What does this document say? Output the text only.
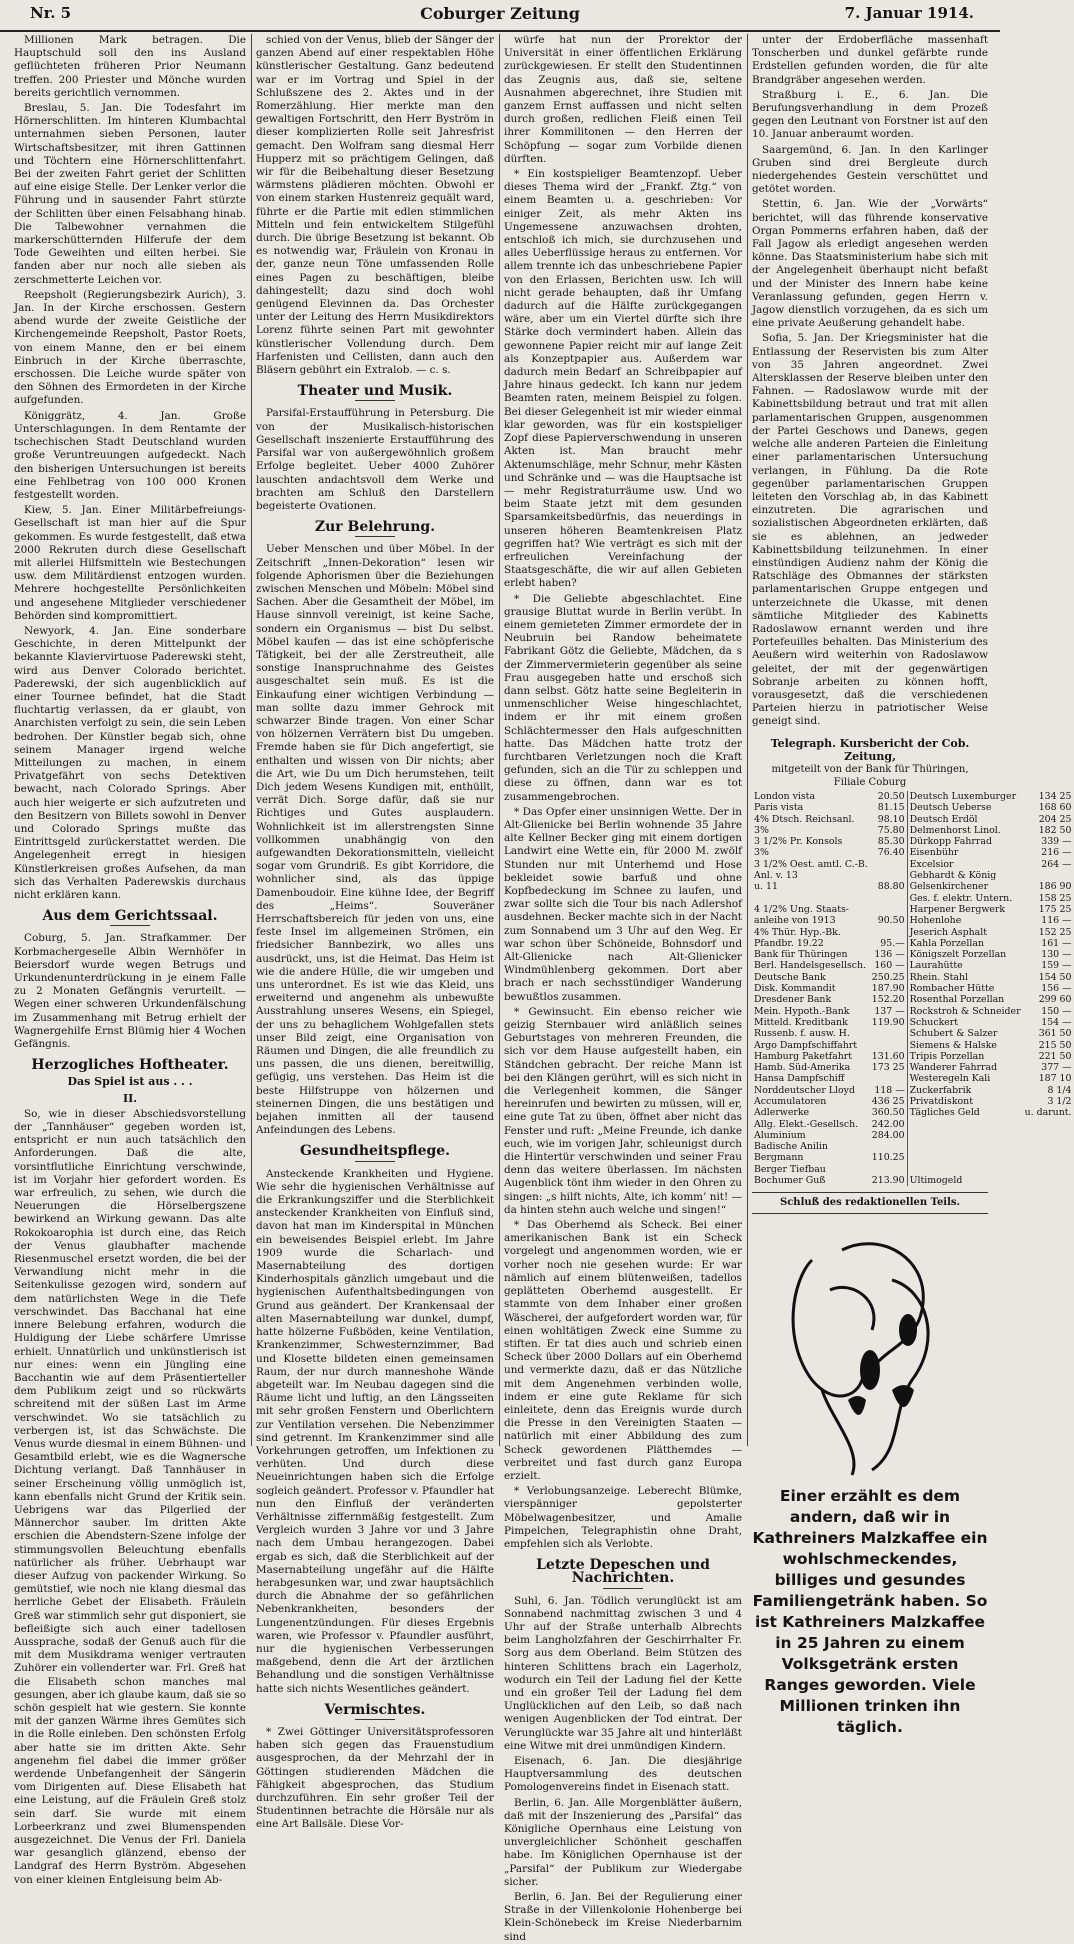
Nr. 5	Coburger Zeitung	7. Januar 1914.

Millionen Mark betragen. Die Hauptschuld soll den ins Ausland geflüchteten früheren Prior Neumann treffen. 200 Priester und Mönche wurden bereits gerichtlich vernommen.

Breslau, 5. Jan. Die Todesfahrt im Hörnerschlitten. Im hinteren Klumbachtal unternahmen sieben Personen, lauter Wirtschaftsbesitzer, mit ihren Gattinnen und Töchtern eine Hörnerschlittenfahrt. Bei der zweiten Fahrt geriet der Schlitten auf eine eisige Stelle. Der Lenker verlor die Führung und in sausender Fahrt stürzte der Schlitten über einen Felsabhang hinab. Die Talbewohner vernahmen die markerschütternden Hilferufe der dem Tode Geweihten und eilten herbei. Sie fanden aber nur noch alle sieben als zerschmetterte Leichen vor.

Reepsholt (Regierungsbezirk Aurich), 3. Jan. In der Kirche erschossen. Gestern abend wurde der zweite Geistliche der Kirchengemeinde Reepsholt, Pastor Roets, von einem Manne, den er bei einem Einbruch in der Kirche überraschte, erschossen. Die Leiche wurde später von den Söhnen des Ermordeten in der Kirche aufgefunden.

Königgrätz, 4. Jan. Große Unterschlagungen. In dem Rentamte der tschechischen Stadt Deutschland wurden große Veruntreuungen aufgedeckt. Nach den bisherigen Untersuchungen ist bereits eine Fehlbetrag von 100 000 Kronen festgestellt worden.

Kiew, 5. Jan. Einer Militärbefreiungs-Gesellschaft ist man hier auf die Spur gekommen. Es wurde festgestellt, daß etwa 2000 Rekruten durch diese Gesellschaft mit allerlei Hilfsmitteln wie Bestechungen usw. dem Militärdienst entzogen wurden. Mehrere hochgestellte Persönlichkeiten und angesehene Mitglieder verschiedener Behörden sind kompromittiert.

Newyork, 4. Jan. Eine sonderbare Geschichte, in deren Mittelpunkt der bekannte Klaviervirtuose Paderewski steht, wird aus Denver Colorado berichtet. Paderewski, der sich augenblicklich auf einer Tournee befindet, hat die Stadt fluchtartig verlassen, da er glaubt, von Anarchisten verfolgt zu sein, die sein Leben bedrohen. Der Künstler begab sich, ohne seinem Manager irgend welche Mitteilungen zu machen, in einem Privatgefährt von sechs Detektiven bewacht, nach Colorado Springs. Aber auch hier weigerte er sich aufzutreten und den Besitzern von Billets sowohl in Denver und Colorado Springs mußte das Eintrittsgeld zurückerstattet werden. Die Angelegenheit erregt in hiesigen Künstlerkreisen großes Aufsehen, da man sich das Verhalten Paderewskis durchaus nicht erklären kann.

Aus dem Gerichtssaal.

Coburg, 5. Jan. Strafkammer. Der Korbmachergeselle Albin Wernhöfer in Beiersdorf wurde wegen Betrugs und Urkundenunterdrückung in je einem Falle zu 2 Monaten Gefängnis verurteilt. — Wegen einer schweren Urkundenfälschung im Zusammenhang mit Betrug erhielt der Wagnergehilfe Ernst Blümig hier 4 Wochen Gefängnis.

Herzogliches Hoftheater.
Das Spiel ist aus . . .
II.

So, wie in dieser Abschiedsvorstellung der „Tannhäuser“ gegeben worden ist, entspricht er nun auch tatsächlich den Anforderungen. Daß die alte, vorsintflutliche Einrichtung verschwinde, ist im Vorjahr hier gefordert worden. Es war erfreulich, zu sehen, wie durch die Neuerungen die Hörselbergszene bewirkend an Wirkung gewann. Das alte Rokokoarophia ist durch eine, das Reich der Venus glaubhafter machende Riesenmuschel ersetzt worden, die bei der Verwandlung nicht mehr in die Seitenkulisse gezogen wird, sondern auf dem natürlichsten Wege in die Tiefe verschwindet. Das Bacchanal hat eine innere Belebung erfahren, wodurch die Huldigung der Liebe schärfere Umrisse erhielt. Unnatürlich und unkünstlerisch ist nur eines: wenn ein Jüngling eine Bacchantin wie auf dem Präsentierteller dem Publikum zeigt und so rückwärts schreitend mit der süßen Last im Arme verschwindet. Wo sie tatsächlich zu verbergen ist, ist das Schwächste. Die Venus wurde diesmal in einem Bühnen- und Gesamtbild erlebt, wie es die Wagnersche Dichtung verlangt. Daß Tannhäuser in seiner Erscheinung völlig unmöglich ist, kann ebenfalls nicht Grund der Kritik sein. Uebrigens war das Pilgerlied der Männerchor sauber. Im dritten Akte erschien die Abendstern-Szene infolge der stimmungsvollen Beleuchtung ebenfalls natürlicher als früher. Uebrhaupt war dieser Aufzug von packender Wirkung. So gemütstief, wie noch nie klang diesmal das herrliche Gebet der Elisabeth. Fräulein Greß war stimmlich sehr gut disponiert, sie befleißigte sich auch einer tadellosen Aussprache, sodaß der Genuß auch für die mit dem Musikdrama weniger vertrauten Zuhörer ein vollenderter war. Frl. Greß hat die Elisabeth schon manches mal gesungen, aber ich glaube kaum, daß sie so schön gespielt hat wie gestern. Sie konnte mit der ganzen Wärme ihres Gemütes sich in die Rolle einleben. Den schönsten Erfolg aber hatte sie im dritten Akte. Sehr angenehm fiel dabei die immer größer werdende Unbefangenheit der Sängerin vom Dirigenten auf. Diese Elisabeth hat eine Leistung, auf die Fräulein Greß stolz sein darf. Sie wurde mit einem Lorbeerkranz und zwei Blumenspenden ausgezeichnet. Die Venus der Frl. Daniela war gesanglich glänzend, ebenso der Landgraf des Herrn Byström. Abgesehen von einer kleinen Entgleisung beim Ab-

schied von der Venus, blieb der Sänger der ganzen Abend auf einer respektablen Höhe künstlerischer Gestaltung. Ganz bedeutend war er im Vortrag und Spiel in der Schlußszene des 2. Aktes und in der Romerzählung. Hier merkte man den gewaltigen Fortschritt, den Herr Byström in dieser komplizierten Rolle seit Jahresfrist gemacht. Den Wolfram sang diesmal Herr Hupperz mit so prächtigem Gelingen, daß wir für die Beibehaltung dieser Besetzung wärmstens plädieren möchten. Obwohl er von einem starken Hustenreiz gequält ward, führte er die Partie mit edlen stimmlichen Mitteln und fein entwickeltem Stilgefühl durch. Die übrige Besetzung ist bekannt. Ob es notwendig war, Fräulein von Kronau in der, ganze neun Töne umfassenden Rolle eines Pagen zu beschäftigen, bleibe dahingestellt; dazu sind doch wohl genügend Elevinnen da. Das Orchester unter der Leitung des Herrn Musikdirektors Lorenz führte seinen Part mit gewohnter künstlerischer Vollendung durch. Dem Harfenisten und Cellisten, dann auch den Bläsern gebührt ein Extralob. — c. s.

Theater und Musik.

Parsifal-Erstaufführung in Petersburg. Die von der Musikalisch-historischen Gesellschaft inszenierte Erstaufführung des Parsifal war von außergewöhnlich großem Erfolge begleitet. Ueber 4000 Zuhörer lauschten andachtsvoll dem Werke und brachten am Schluß den Darstellern begeisterte Ovationen.

Zur Belehrung.

Ueber Menschen und über Möbel. In der Zeitschrift „Innen-Dekoration“ lesen wir folgende Aphorismen über die Beziehungen zwischen Menschen und Möbeln: Möbel sind Sachen. Aber die Gesamtheit der Möbel, im Hause sinnvoll vereinigt, ist keine Sache, sondern ein Organismus — bist Du selbst. Möbel kaufen — das ist eine schöpferische Tätigkeit, bei der alle Zerstreutheit, alle sonstige Inanspruchnahme des Geistes ausgeschaltet sein muß. Es ist die Einkaufung einer wichtigen Verbindung — man sollte dazu immer Gehrock mit schwarzer Binde tragen. Von einer Schar von hölzernen Verrätern bist Du umgeben. Fremde haben sie für Dich angefertigt, sie enthalten und wissen von Dir nichts; aber die Art, wie Du um Dich herumstehen, teilt Dich jedem Wesens Kundigen mit, enthüllt, verrät Dich. Sorge dafür, daß sie nur Richtiges und Gutes ausplaudern. Wohnlichkeit ist im allerstrengsten Sinne vollkommen unabhängig von den aufgewandten Dekorationsmitteln, vielleicht sogar vom Grundriß. Es gibt Korridore, die wohnlicher sind, als das üppige Damenboudoir. Eine kühne Idee, der Begriff des „Heims“. Souveräner Herrschaftsbereich für jeden von uns, eine feste Insel im allgemeinen Strömen, ein friedsicher Bannbezirk, wo alles uns ausdrückt, uns, ist die Heimat. Das Heim ist wie die andere Hülle, die wir umgeben und uns unterordnet. Es ist wie das Kleid, uns erweiternd und angenehm als unbewußte Ausstrahlung unseres Wesens, ein Spiegel, der uns zu behaglichem Wohlgefallen stets unser Bild zeigt, eine Organisation von Räumen und Dingen, die alle freundlich zu uns passen, die uns dienen, bereitwillig, gefügig, uns verstehen. Das Heim ist die beste Hilfstruppe von hölzernen und steinernen Dingen, die uns bestätigen und bejahen inmitten all der tausend Anfeindungen des Lebens.

Gesundheitspflege.

Ansteckende Krankheiten und Hygiene. Wie sehr die hygienischen Verhältnisse auf die Erkrankungsziffer und die Sterblichkeit ansteckender Krankheiten von Einfluß sind, davon hat man im Kinderspital in München ein beweisendes Beispiel erlebt. Im Jahre 1909 wurde die Scharlach- und Masernabteilung des dortigen Kinderhospitals gänzlich umgebaut und die hygienischen Aufenthaltsbedingungen von Grund aus geändert. Der Krankensaal der alten Masernabteilung war dunkel, dumpf, hatte hölzerne Fußböden, keine Ventilation, Krankenzimmer, Schwesternzimmer, Bad und Klosette bildeten einen gemeinsamen Raum, der nur durch manneshohe Wände abgeteilt war. Im Neubau dagegen sind die Räume licht und luftig, an den Längsseiten mit sehr großen Fenstern und Oberlichtern zur Ventilation versehen. Die Nebenzimmer sind getrennt. Im Krankenzimmer sind alle Vorkehrungen getroffen, um Infektionen zu verhüten. Und durch diese Neueinrichtungen haben sich die Erfolge sogleich geändert. Professor v. Pfaundler hat nun den Einfluß der veränderten Verhältnisse ziffernmäßig festgestellt. Zum Vergleich wurden 3 Jahre vor und 3 Jahre nach dem Umbau herangezogen. Dabei ergab es sich, daß die Sterblichkeit auf der Masernabteilung ungefähr auf die Hälfte herabgesunken war, und zwar hauptsächlich durch die Abnahme der so gefährlichen Nebenkrankheiten, besonders der Lungenentzündungen. Für dieses Ergebnis waren, wie Professor v. Pfaundler ausführt, nur die hygienischen Verbesserungen maßgebend, denn die Art der ärztlichen Behandlung und die sonstigen Verhältnisse hatte sich nichts Wesentliches geändert.

Vermischtes.

* Zwei Göttinger Universitätsprofessoren haben sich gegen das Frauenstudium ausgesprochen, da der Mehrzahl der in Göttingen studierenden Mädchen die Fähigkeit abgesprochen, das Studium durchzuführen. Ein sehr großer Teil der Studentinnen betrachte die Hörsäle nur als eine Art Ballsäle. Diese Vor-

würfe hat nun der Prorektor der Universität in einer öffentlichen Erklärung zurückgewiesen. Er stellt den Studentinnen das Zeugnis aus, daß sie, seltene Ausnahmen abgerechnet, ihre Studien mit ganzem Ernst auffassen und nicht selten durch großen, redlichen Fleiß einen Teil ihrer Kommilitonen — den Herren der Schöpfung — sogar zum Vorbilde dienen dürften.

* Ein kostspieliger Beamtenzopf. Ueber dieses Thema wird der „Frankf. Ztg.“ von einem Beamten u. a. geschrieben: Vor einiger Zeit, als mehr Akten ins Ungemessene anzuwachsen drohten, entschloß ich mich, sie durchzusehen und alles Ueberflüssige heraus zu entfernen. Vor allem trennte ich das unbeschriebene Papier von den Erlassen, Berichten usw. Ich will nicht gerade behaupten, daß ihr Umfang dadurch auf die Hälfte zurückgegangen wäre, aber um ein Viertel dürfte sich ihre Stärke doch vermindert haben. Allein das gewonnene Papier reicht mir auf lange Zeit als Konzeptpapier aus. Außerdem war dadurch mein Bedarf an Schreibpapier auf Jahre hinaus gedeckt. Ich kann nur jedem Beamten raten, meinem Beispiel zu folgen. Bei dieser Gelegenheit ist mir wieder einmal klar geworden, was für ein kostspieliger Zopf diese Papierverschwendung in unseren Akten ist. Man braucht mehr Aktenumschläge, mehr Schnur, mehr Kästen und Schränke und — was die Hauptsache ist — mehr Registraturräume usw. Und wo beim Staate jetzt mit dem gesunden Sparsamkeitsbedürfnis, das neuerdings in unseren höheren Beamtenkreisen Platz gegriffen hat? Wie verträgt es sich mit der erfreulichen Vereinfachung der Staatsgeschäfte, die wir auf allen Gebieten erlebt haben?

* Die Geliebte abgeschlachtet. Eine grausige Bluttat wurde in Berlin verübt. In einem gemieteten Zimmer ermordete der in Neubruin bei Randow beheimatete Fabrikant Götz die Geliebte, Mädchen, da s der Zimmervermieterin gegenüber als seine Frau ausgegeben hatte und erschoß sich dann selbst. Götz hatte seine Begleiterin in unmenschlicher Weise hingeschlachtet, indem er ihr mit einem großen Schlächtermesser den Hals aufgeschnitten hatte. Das Mädchen hatte trotz der furchtbaren Verletzungen noch die Kraft gefunden, sich an die Tür zu schleppen und diese zu öffnen, dann war es tot zusammengebrochen.

* Das Opfer einer unsinnigen Wette. Der in Alt-Glienicke bei Berlin wohnende 35 Jahre alte Kellner Becker ging mit einem dortigen Landwirt eine Wette ein, für 2000 M. zwölf Stunden nur mit Unterhemd und Hose bekleidet sowie barfuß und ohne Kopfbedeckung im Schnee zu laufen, und zwar sollte sich die Tour bis nach Adlershof ausdehnen. Becker machte sich in der Nacht zum Sonnabend um 3 Uhr auf den Weg. Er war schon über Schöneide, Bohnsdorf und Alt-Glienicke nach Alt-Glienicker Windmühlenberg gekommen. Dort aber brach er nach sechsstündiger Wanderung bewußtlos zusammen.

* Gewinsucht. Ein ebenso reicher wie geizig Sternbauer wird anläßlich seines Geburtstages von mehreren Freunden, die sich vor dem Hause aufgestellt haben, ein Ständchen gebracht. Der reiche Mann ist bei den Klängen gerührt, will es sich nicht in die Verlegenheit kommen, die Sänger hereinrufen und bewirten zu müssen, will er, eine gute Tat zu üben, öffnet aber nicht das Fenster und ruft: „Meine Freunde, ich danke euch, wie im vorigen Jahr, schleunigst durch die Hintertür verschwinden und seiner Frau denn das weitere überlassen. Im nächsten Augenblick tönt ihm wieder in den Ohren zu singen: „s hilft nichts, Alte, ich komm’ nit! — da hinten stehn auch welche und singen!“

* Das Oberhemd als Scheck. Bei einer amerikanischen Bank ist ein Scheck vorgelegt und angenommen worden, wie er vorher noch nie gesehen wurde: Er war nämlich auf einem blütenweißen, tadellos geplätteten Oberhemd ausgestellt. Er stammte von dem Inhaber einer großen Wäscherei, der aufgefordert worden war, für einen wohltätigen Zweck eine Summe zu stiften. Er tat dies auch und schrieb einen Scheck über 2000 Dollars auf ein Oberhemd und vermerkte dazu, daß er das Nützliche mit dem Angenehmen verbinden wolle, indem er eine gute Reklame für sich einleitete, denn das Ereignis wurde durch die Presse in den Vereinigten Staaten — natürlich mit einer Abbildung des zum Scheck gewordenen Plätthemdes — verbreitet und fast durch ganz Europa erzielt.

* Verlobungsanzeige. Leberecht Blümke, vierspänniger gepolsterter Möbelwagenbesitzer, und Amalie Pimpelchen, Telegraphistin ohne Draht, empfehlen sich als Verlobte.

Letzte Depeschen und Nachrichten.

Suhl, 6. Jan. Tödlich verunglückt ist am Sonnabend nachmittag zwischen 3 und 4 Uhr auf der Straße unterhalb Albrechts beim Langholzfahren der Geschirrhalter Fr. Sorg aus dem Oberland. Beim Stützen des hinteren Schlittens brach ein Lagerholz, wodurch ein Teil der Ladung fiel der Kette und ein großer Teil der Ladung fiel dem Unglücklichen auf den Leib, so daß nach wenigen Augenblicken der Tod eintrat. Der Verunglückte war 35 Jahre alt und hinterläßt eine Witwe mit drei unmündigen Kindern.

Eisenach, 6. Jan. Die diesjährige Hauptversammlung des deutschen Pomologenvereins findet in Eisenach statt.

Berlin, 6. Jan. Alle Morgenblätter äußern, daß mit der Inszenierung des „Parsifal“ das Königliche Opernhaus eine Leistung von unvergleichlicher Schönheit geschaffen habe. Im Königlichen Opernhause ist der „Parsifal“ der Publikum zur Wiedergabe sicher.

Berlin, 6. Jan. Bei der Regulierung einer Straße in der Villenkolonie Hohenberge bei Klein-Schönebeck im Kreise Niederbarnim sind

unter der Erdoberfläche massenhaft Tonscherben und dunkel gefärbte runde Erdstellen gefunden worden, die für alte Brandgräber angesehen werden.

Straßburg i. E., 6. Jan. Die Berufungsverhandlung in dem Prozeß gegen den Leutnant von Forstner ist auf den 10. Januar anberaumt worden.

Saargemünd, 6. Jan. In den Karlinger Gruben sind drei Bergleute durch niedergehendes Gestein verschüttet und getötet worden.

Stettin, 6. Jan. Wie der „Vorwärts“ berichtet, will das führende konservative Organ Pommerns erfahren haben, daß der Fall Jagow als erledigt angesehen werden könne. Das Staatsministerium habe sich mit der Angelegenheit überhaupt nicht befaßt und der Minister des Innern habe keine Veranlassung gefunden, gegen Herrn v. Jagow dienstlich vorzugehen, da es sich um eine private Aeußerung gehandelt habe.

Sofia, 5. Jan. Der Kriegsminister hat die Entlassung der Reservisten bis zum Alter von 35 Jahren angeordnet. Zwei Altersklassen der Reserve bleiben unter den Fahnen. — Radoslawow wurde mit der Kabinettsbildung betraut und trat mit allen parlamentarischen Gruppen, ausgenommen der Partei Geschows und Danews, gegen welche alle anderen Parteien die Einleitung einer parlamentarischen Untersuchung verlangen, in Fühlung. Da die Rote gegenüber parlamentarischen Gruppen leiteten den Vorschlag ab, in das Kabinett einzutreten. Die agrarischen und sozialistischen Abgeordneten erklärten, daß sie es ablehnen, an jedweder Kabinettsbildung teilzunehmen. In einer einstündigen Audienz nahm der König die Ratschläge des Obmannes der stärksten parlamentarischen Gruppe entgegen und unterzeichnete die Ukasse, mit denen sämtliche Mitglieder des Kabinetts Radoslawow ernannt werden und ihre Portefeuilles behalten. Das Ministerium des Aeußern wird weiterhin von Radoslawow geleitet, der mit der gegenwärtigen Sobranje arbeiten zu können hofft, vorausgesetzt, daß die verschiedenen Parteien hierzu in patriotischer Weise geneigt sind.

Telegraph. Kursbericht der Cob. Zeitung,
mitgeteilt von der Bank für Thüringen,
Filiale Coburg
London vista	20.50	Deutsch Luxemburger	134 25
Paris vista	81.15	Deutsch Ueberse	168 60
4% Dtsch. Reichsanl.	98.10	Deutsch Erdöl	204 25
3%	75.80	Delmenhorst Linol.	182 50
3 1/2% Pr. Konsols	85.30	Dürkopp Fahrrad	339 —
3%	76.40	Eisenbühr	216 —
3 1/2% Oest. amtl. C.-B.		Excelsior	264 —
Anl. v. 13		Gebhardt & König	
u. 11	88.80	Gelsenkirchener	186 90
		Ges. f. elektr. Untern.	158 25
4 1/2% Ung. Staats-		Harpener Bergwerk	175 25
anleihe von 1913	90.50	Hohenlohe	116 —
4% Thür. Hyp.-Bk.		Jeserich Asphalt	152 25
Pfandbr. 19.22	95.—	Kahla Porzellan	161 —
Bank für Thüringen	136 —	Königszelt Porzellan	130 —
Berl. Handelsgesellsch.	160 —	Laurahütte	159 —
Deutsche Bank	250.25	Rhein. Stahl	154 50
Disk. Kommandit	187.90	Rombacher Hütte	156 —
Dresdener Bank	152.20	Rosenthal Porzellan	299 60
Mein. Hypoth.-Bank	137 —	Rockstroh & Schneider	150 —
Mitteld. Kreditbank	119.90	Schuckert	154 —
Russenb. f. ausw. H.		Schubert & Salzer	361 50
Argo Dampfschiffahrt		Siemens & Halske	215 50
Hamburg Paketfahrt	131.60	Tripis Porzellan	221 50
Hamb. Süd-Amerika	173 25	Wanderer Fahrrad	377 —
Hansa Dampfschiff		Westeregeln Kali	187 10
Norddeutscher Lloyd	118 —	Zuckerfabrik	8 1/4
Accumulatoren	436 25	Privatdiskont	3 1/2
Adlerwerke	360.50	Tägliches Geld	u. darunt.
Allg. Elekt.-Gesellsch.	242.00		
Aluminium	284.00		
Badische Anilin			
Bergmann	110.25		
Berger Tiefbau			
Bochumer Guß	213.90	Ultimogeld	
Schluß des redaktionellen Teils.
Einer erzählt es dem andern, daß wir in Kathreiners Malzkaffee ein wohlschmeckendes, billiges und gesundes Familiengetränk haben. So ist Kathreiners Malzkaffee in 25 Jahren zu einem Volksgetränk ersten Ranges geworden. Viele Millionen trinken ihn täglich.
